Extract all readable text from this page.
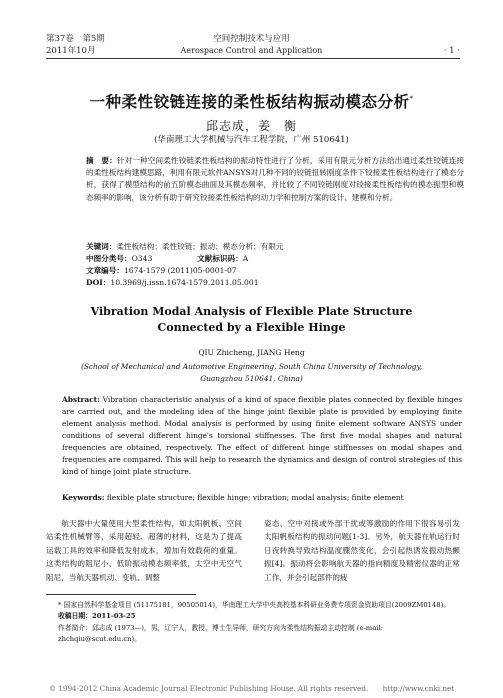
第37卷　第5期
2011年10月
空间控制技术与应用
Aerospace Control and Application	· 1 ·
一种柔性铰链连接的柔性板结构振动模态分析*
邱志成，姜　衡
(华南理工大学机械与汽车工程学院，广州 510641)
摘　要：针对一种空间柔性铰链柔性板结构的振动特性进行了分析，采用有限元分析方法给出通过柔性铰链连接的柔性板结构建模思路，利用有限元软件ANSYS对几种不同的铰链扭转刚度条件下铰接柔性板结构进行了模态分析，获得了模型结构的前五阶模态曲面及其模态频率，并比较了不同铰链刚度对铰接柔性板结构的模态振型和模态频率的影响，该分析有助于研究铰接柔性板结构的动力学和控制方案的设计、建模和分析。
关键词：柔性板结构；柔性铰链；振动；模态分析；有限元
中图分类号：O343	文献标识码：A
文章编号：1674-1579 (2011)05-0001-07
DOI：10.3969/j.issn.1674-1579.2011.05.001
Vibration Modal Analysis of Flexible Plate Structure
Connected by a Flexible Hinge
QIU Zhicheng, JIANG Heng
(School of Mechanical and Automotive Engineering, South China University of Technology,
Guangzhou 510641, China)
Abstract: Vibration characteristic analysis of a kind of space flexible plates connected by flexible hinges are carried out, and the modeling idea of the hinge joint flexible plate is provided by employing finite element analysis method. Modal analysis is performed by using finite element software ANSYS under conditions of several different hinge's torsional stiffnesses. The first five modal shapes and natural frequencies are obtained, respectively. The effect of different hinge stiffnesses on modal shapes and frequencies are compared. This will help to research the dynamics and design of control strategies of this kind of hinge joint plate structure.
Keywords: flexible plate structure; flexible hinge; vibration; modal analysis; finite element
航天器中大量使用大型柔性结构，如太阳帆板、空间站柔性机械臂等，采用超轻、超薄的材料，这是为了提高运载工具的效率和降低发射成本，增加有效载荷的重量。这类结构的阻尼小、低阶振动模态频率低，太空中无空气阻尼，当航天器机动、变轨、调整
姿态、空中对接或外部干扰或等激励的作用下很容易引发太阳帆板结构的振动问题[1-3]。另外，航天器在轨运行时日夜转换导致结构温度骤然变化，会引起热诱发振动热颤振[4]。振动将会影响航天器的指向精度及精密仪器的正常工作，并会引起部件的疲
* 国家自然科学基金项目 (51175181，90505014)，华南理工大学中央高校基本科研业务费专项资金资助项目(2009ZM0148)。
收稿日期：2011-03-25
作者简介：邱志成 (1973—)，男，辽宁人，教授，博士生导师，研究方向为柔性结构振动主动控制 (e-mail: zhchqiu@scut.edu.cn)。
© 1994-2012 China Academic Journal Electronic Publishing House. All rights reserved.　　http://www.cnki.net
